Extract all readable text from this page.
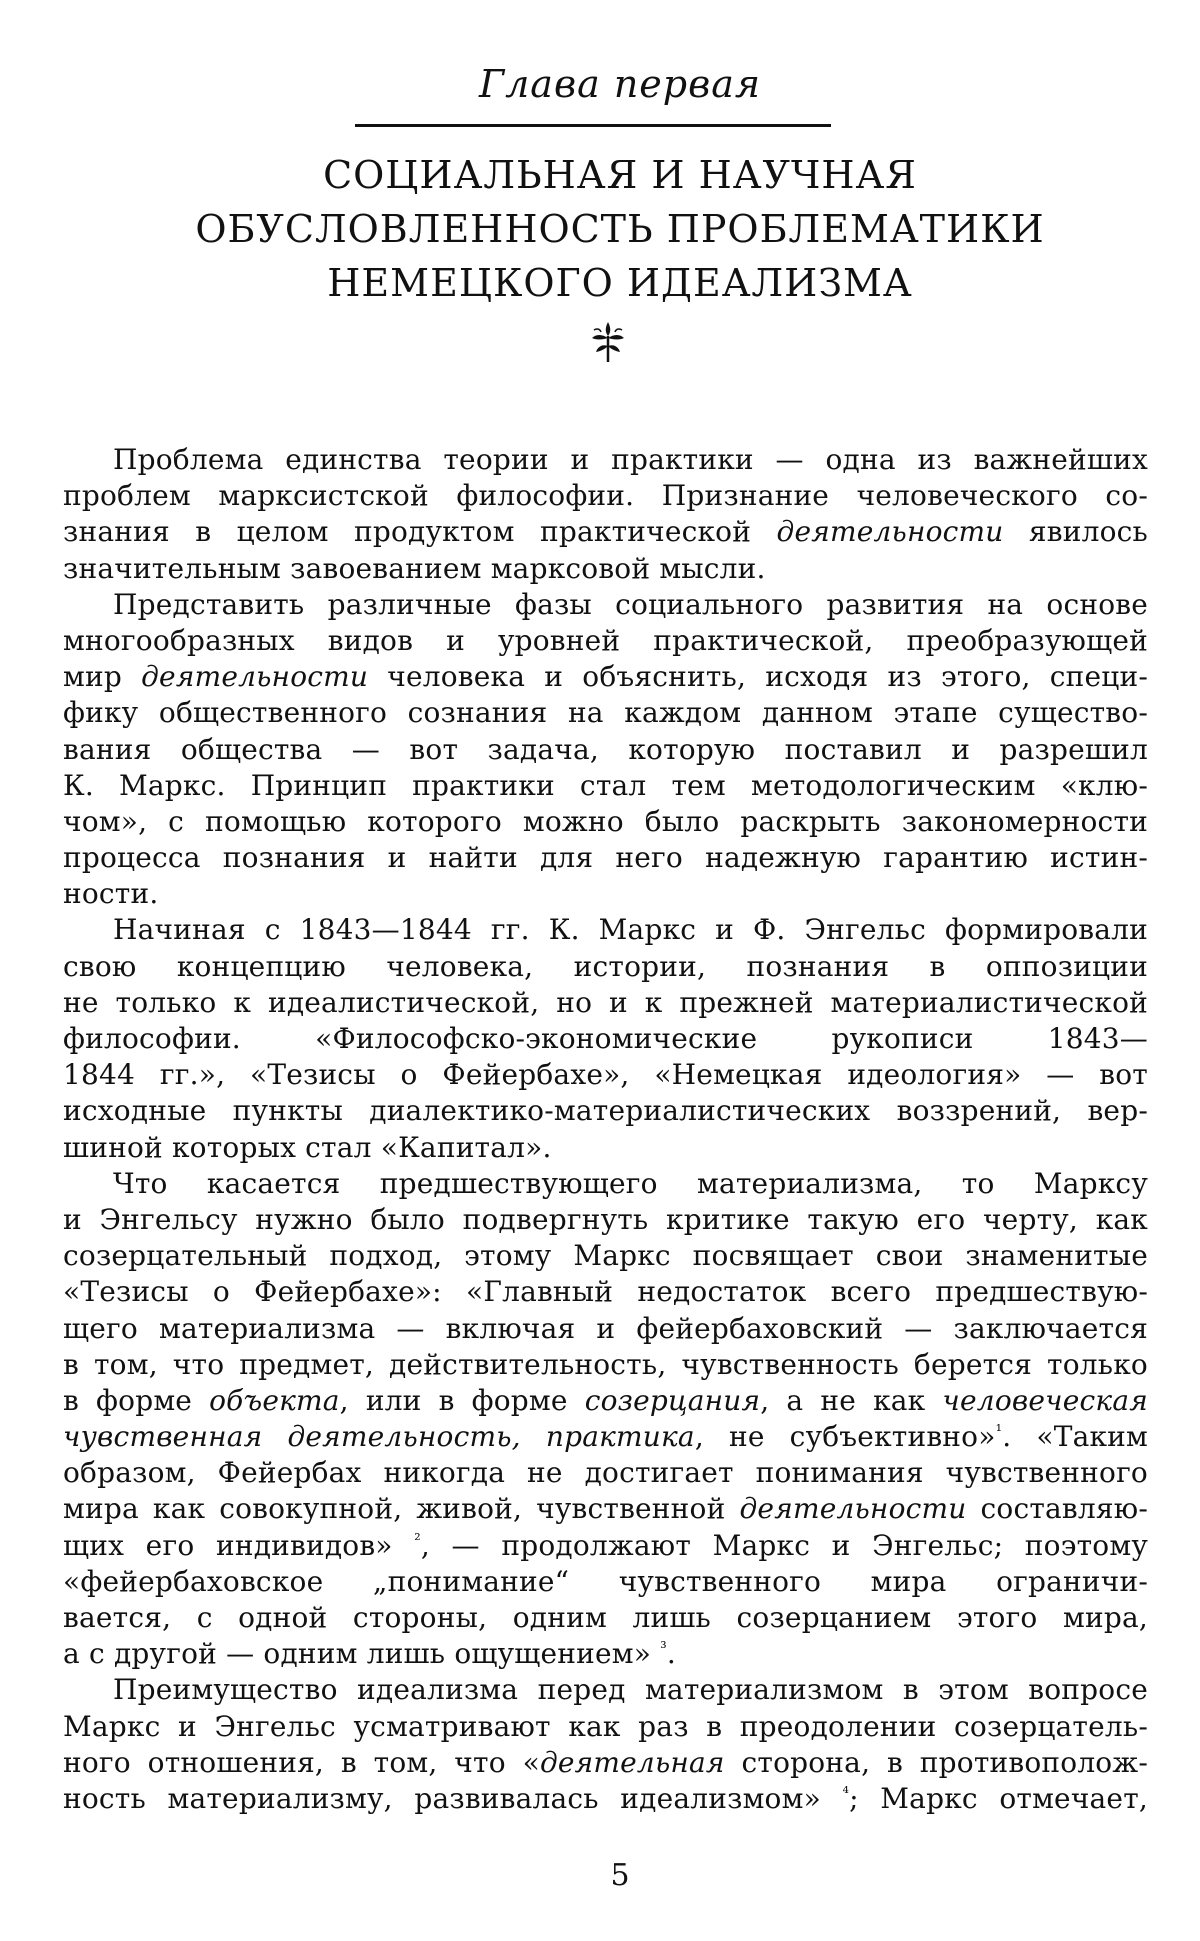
Глава первая
СОЦИАЛЬНАЯ И НАУЧНАЯ
ОБУСЛОВЛЕННОСТЬ ПРОБЛЕМАТИКИ
НЕМЕЦКОГО ИДЕАЛИЗМА
Проблема единства теории и практики — одна из важнейших
проблем марксистской философии. Признание человеческого со-
знания в целом продуктом практической деятельности явилось
значительным завоеванием марксовой мысли.
Представить различные фазы социального развития на основе
многообразных видов и уровней практической, преобразующей
мир деятельности человека и объяснить, исходя из этого, специ-
фику общественного сознания на каждом данном этапе существо-
вания общества — вот задача, которую поставил и разрешил
К. Маркс. Принцип практики стал тем методологическим «клю-
чом», с помощью которого можно было раскрыть закономерности
процесса познания и найти для него надежную гарантию истин-
ности.
Начиная с 1843—1844 гг. К. Маркс и Ф. Энгельс формировали
свою концепцию человека, истории, познания в оппозиции
не только к идеалистической, но и к прежней материалистической
философии. «Философско-экономические рукописи 1843—
1844 гг.», «Тезисы о Фейербахе», «Немецкая идеология» — вот
исходные пункты диалектико-материалистических воззрений, вер-
шиной которых стал «Капитал».
Что касается предшествующего материализма, то Марксу
и Энгельсу нужно было подвергнуть критике такую его черту, как
созерцательный подход, этому Маркс посвящает свои знаменитые
«Тезисы о Фейербахе»: «Главный недостаток всего предшествую-
щего материализма — включая и фейербаховский — заключается
в том, что предмет, действительность, чувственность берется только
в форме объекта, или в форме созерцания, а не как человеческая
чувственная деятельность, практика, не субъективно»$^{^1}$. «Таким
образом, Фейербах никогда не достигает понимания чувственного
мира как совокупной, живой, чувственной деятельности составляю-
щих его индивидов» $^{^2}$, — продолжают Маркс и Энгельс; поэтому
«фейербаховское „понимание“ чувственного мира ограничи-
вается, с одной стороны, одним лишь созерцанием этого мира,
а с другой — одним лишь ощущением» $^{^3}$.
Преимущество идеализма перед материализмом в этом вопросе
Маркс и Энгельс усматривают как раз в преодолении созерцатель-
ного отношения, в том, что «деятельная сторона, в противополож-
ность материализму, развивалась идеализмом» $^{^4}$; Маркс отмечает,
5
